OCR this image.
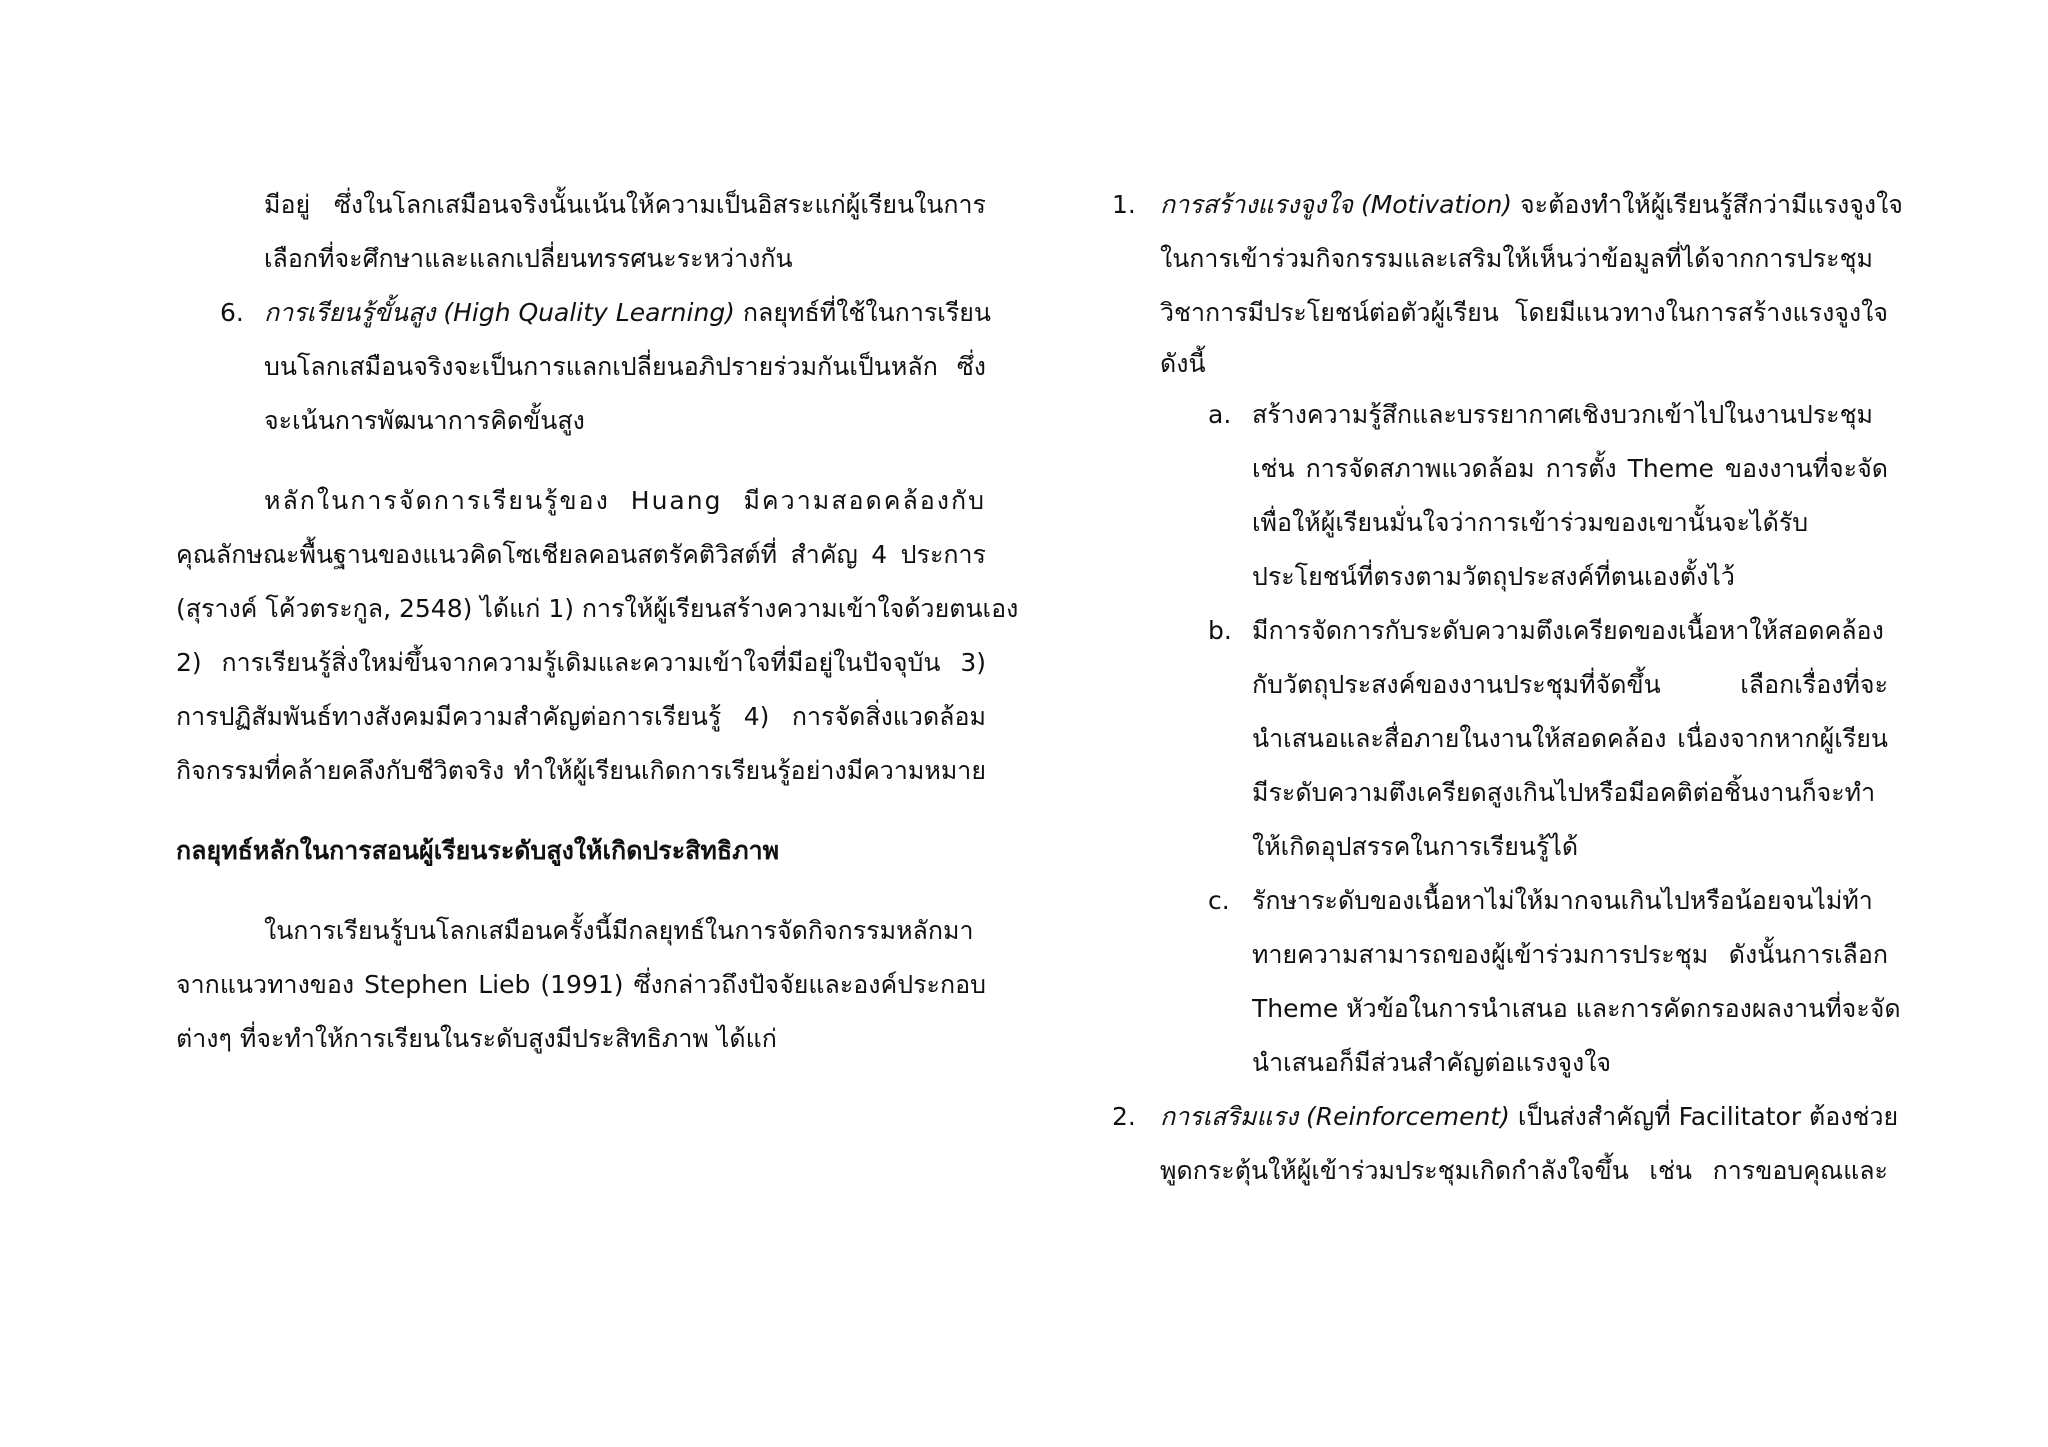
มีอยู่ ซึ่งในโลกเสมือนจริงนั้นเน้นให้ความเป็นอิสระแก่ผู้เรียนในการ
เลือกที่จะศึกษาและแลกเปลี่ยนทรรศนะระหว่างกัน
6. การเรียนรู้ขั้นสูง (High Quality Learning) กลยุทธ์ที่ใช้ในการเรียน
บนโลกเสมือนจริงจะเป็นการแลกเปลี่ยนอภิปรายร่วมกันเป็นหลัก ซึ่ง
จะเน้นการพัฒนาการคิดขั้นสูง
หลักในการจัดการเรียนรู้ของ Huang มีความสอดคล้องกับ
คุณลักษณะพื้นฐานของแนวคิดโซเชียลคอนสตรัคติวิสต์ที่ สำคัญ 4 ประการ
(สุรางค์ โค้วตระกูล, 2548) ได้แก่ 1) การให้ผู้เรียนสร้างความเข้าใจด้วยตนเอง
2) การเรียนรู้สิ่งใหม่ขึ้นจากความรู้เดิมและความเข้าใจที่มีอยู่ในปัจจุบัน 3)
การปฏิสัมพันธ์ทางสังคมมีความสำคัญต่อการเรียนรู้ 4) การจัดสิ่งแวดล้อม
กิจกรรมที่คล้ายคลึงกับชีวิตจริง ทำให้ผู้เรียนเกิดการเรียนรู้อย่างมีความหมาย
กลยุทธ์หลักในการสอนผู้เรียนระดับสูงให้เกิดประสิทธิภาพ
ในการเรียนรู้บนโลกเสมือนครั้งนี้มีกลยุทธ์ในการจัดกิจกรรมหลักมา
จากแนวทางของ Stephen Lieb (1991) ซึ่งกล่าวถึงปัจจัยและองค์ประกอบ
ต่างๆ ที่จะทำให้การเรียนในระดับสูงมีประสิทธิภาพ ได้แก่
1. การสร้างแรงจูงใจ (Motivation) จะต้องทำให้ผู้เรียนรู้สึกว่ามีแรงจูงใจ
ในการเข้าร่วมกิจกรรมและเสริมให้เห็นว่าข้อมูลที่ได้จากการประชุม
วิชาการมีประโยชน์ต่อตัวผู้เรียน โดยมีแนวทางในการสร้างแรงจูงใจ
ดังนี้
a. สร้างความรู้สึกและบรรยากาศเชิงบวกเข้าไปในงานประชุม
เช่น การจัดสภาพแวดล้อม การตั้ง Theme ของงานที่จะจัด
เพื่อให้ผู้เรียนมั่นใจว่าการเข้าร่วมของเขานั้นจะได้รับ
ประโยชน์ที่ตรงตามวัตถุประสงค์ที่ตนเองตั้งไว้
b. มีการจัดการกับระดับความตึงเครียดของเนื้อหาให้สอดคล้อง
กับวัตถุประสงค์ของงานประชุมที่จัดขึ้น เลือกเรื่องที่จะ
นำเสนอและสื่อภายในงานให้สอดคล้อง เนื่องจากหากผู้เรียน
มีระดับความตึงเครียดสูงเกินไปหรือมีอคติต่อชิ้นงานก็จะทำ
ให้เกิดอุปสรรคในการเรียนรู้ได้
c. รักษาระดับของเนื้อหาไม่ให้มากจนเกินไปหรือน้อยจนไม่ท้า
ทายความสามารถของผู้เข้าร่วมการประชุม ดังนั้นการเลือก
Theme หัวข้อในการนำเสนอ และการคัดกรองผลงานที่จะจัด
นำเสนอก็มีส่วนสำคัญต่อแรงจูงใจ
2. การเสริมแรง (Reinforcement) เป็นส่งสำคัญที่ Facilitator ต้องช่วย
พูดกระตุ้นให้ผู้เข้าร่วมประชุมเกิดกำลังใจขึ้น เช่น การขอบคุณและ
